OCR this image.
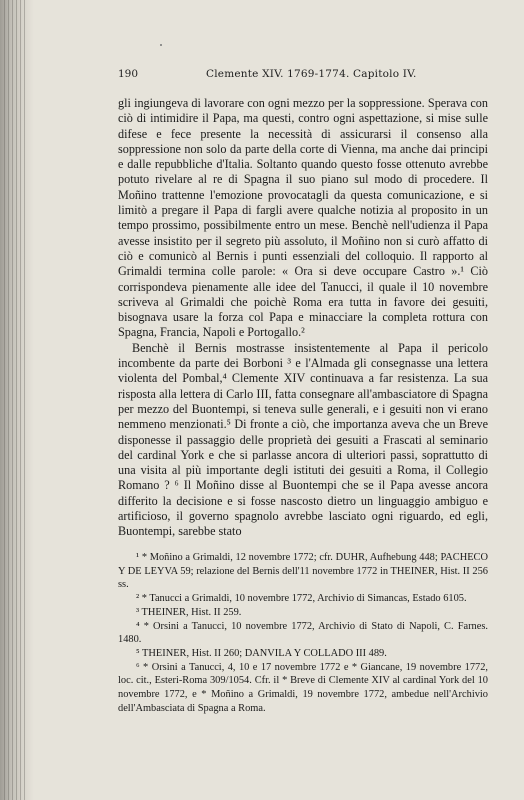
190	Clemente XIV. 1769-1774. Capitolo IV.

gli ingiungeva di lavorare con ogni mezzo per la soppressione. Sperava con ciò di intimidire il Papa, ma questi, contro ogni aspettazione, si mise sulle difese e fece presente la necessità di assicurarsi il consenso alla soppressione non solo da parte della corte di Vienna, ma anche dai principi e dalle repubbliche d'Italia. Soltanto quando questo fosse ottenuto avrebbe potuto rivelare al re di Spagna il suo piano sul modo di procedere. Il Moñino trattenne l'emozione provocatagli da questa comunicazione, e si limitò a pregare il Papa di fargli avere qualche notizia al proposito in un tempo prossimo, possibilmente entro un mese. Benchè nell'udienza il Papa avesse insistito per il segreto più assoluto, il Moñino non si curò affatto di ciò e comunicò al Bernis i punti essenziali del colloquio. Il rapporto al Grimaldi termina colle parole: « Ora si deve occupare Castro ».¹ Ciò corrispondeva pienamente alle idee del Tanucci, il quale il 10 novembre scriveva al Grimaldi che poichè Roma era tutta in favore dei gesuiti, bisognava usare la forza col Papa e minacciare la completa rottura con Spagna, Francia, Napoli e Portogallo.²

Benchè il Bernis mostrasse insistentemente al Papa il pericolo incombente da parte dei Borboni ³ e l'Almada gli consegnasse una lettera violenta del Pombal,⁴ Clemente XIV continuava a far resistenza. La sua risposta alla lettera di Carlo III, fatta consegnare all'ambasciatore di Spagna per mezzo del Buontempi, si teneva sulle generali, e i gesuiti non vi erano nemmeno menzionati.⁵ Di fronte a ciò, che importanza aveva che un Breve disponesse il passaggio delle proprietà dei gesuiti a Frascati al seminario del cardinal York e che si parlasse ancora di ulteriori passi, soprattutto di una visita al più importante degli istituti dei gesuiti a Roma, il Collegio Romano ? ⁶ Il Moñino disse al Buontempi che se il Papa avesse ancora differito la decisione e si fosse nascosto dietro un linguaggio ambiguo e artificioso, il governo spagnolo avrebbe lasciato ogni riguardo, ed egli, Buontempi, sarebbe stato

¹ * Moñino a Grimaldi, 12 novembre 1772; cfr. DUHR, Aufhebung 448; PACHECO Y DE LEYVA 59; relazione del Bernis dell'11 novembre 1772 in THEINER, Hist. II 256 ss.

² * Tanucci a Grimaldi, 10 novembre 1772, Archivio di Simancas, Estado 6105.

³ THEINER, Hist. II 259.

⁴ * Orsini a Tanucci, 10 novembre 1772, Archivio di Stato di Napoli, C. Farnes. 1480.

⁵ THEINER, Hist. II 260; DANVILA Y COLLADO III 489.

⁶ * Orsini a Tanucci, 4, 10 e 17 novembre 1772 e * Giancane, 19 novembre 1772, loc. cit., Esteri-Roma 309/1054. Cfr. il * Breve di Clemente XIV al cardinal York del 10 novembre 1772, e * Moñino a Grimaldi, 19 novembre 1772, ambedue nell'Archivio dell'Ambasciata di Spagna a Roma.
